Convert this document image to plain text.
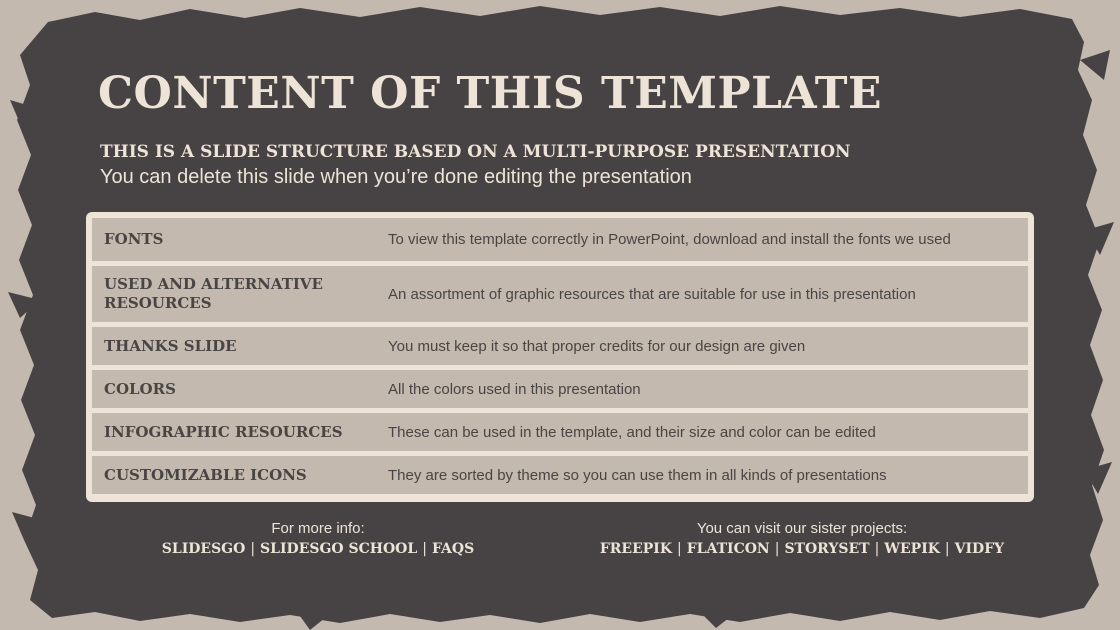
CONTENT OF THIS TEMPLATE
THIS IS A SLIDE STRUCTURE BASED ON A MULTI-PURPOSE PRESENTATION
You can delete this slide when you’re done editing the presentation
FONTS	To view this template correctly in PowerPoint, download and install the fonts we used
USED AND ALTERNATIVE RESOURCES	An assortment of graphic resources that are suitable for use in this presentation
THANKS SLIDE	You must keep it so that proper credits for our design are given
COLORS	All the colors used in this presentation
INFOGRAPHIC RESOURCES	These can be used in the template, and their size and color can be edited
CUSTOMIZABLE ICONS	They are sorted by theme so you can use them in all kinds of presentations
For more info:
SLIDESGO | SLIDESGO SCHOOL | FAQS
You can visit our sister projects:
FREEPIK | FLATICON | STORYSET | WEPIK | VIDFY
